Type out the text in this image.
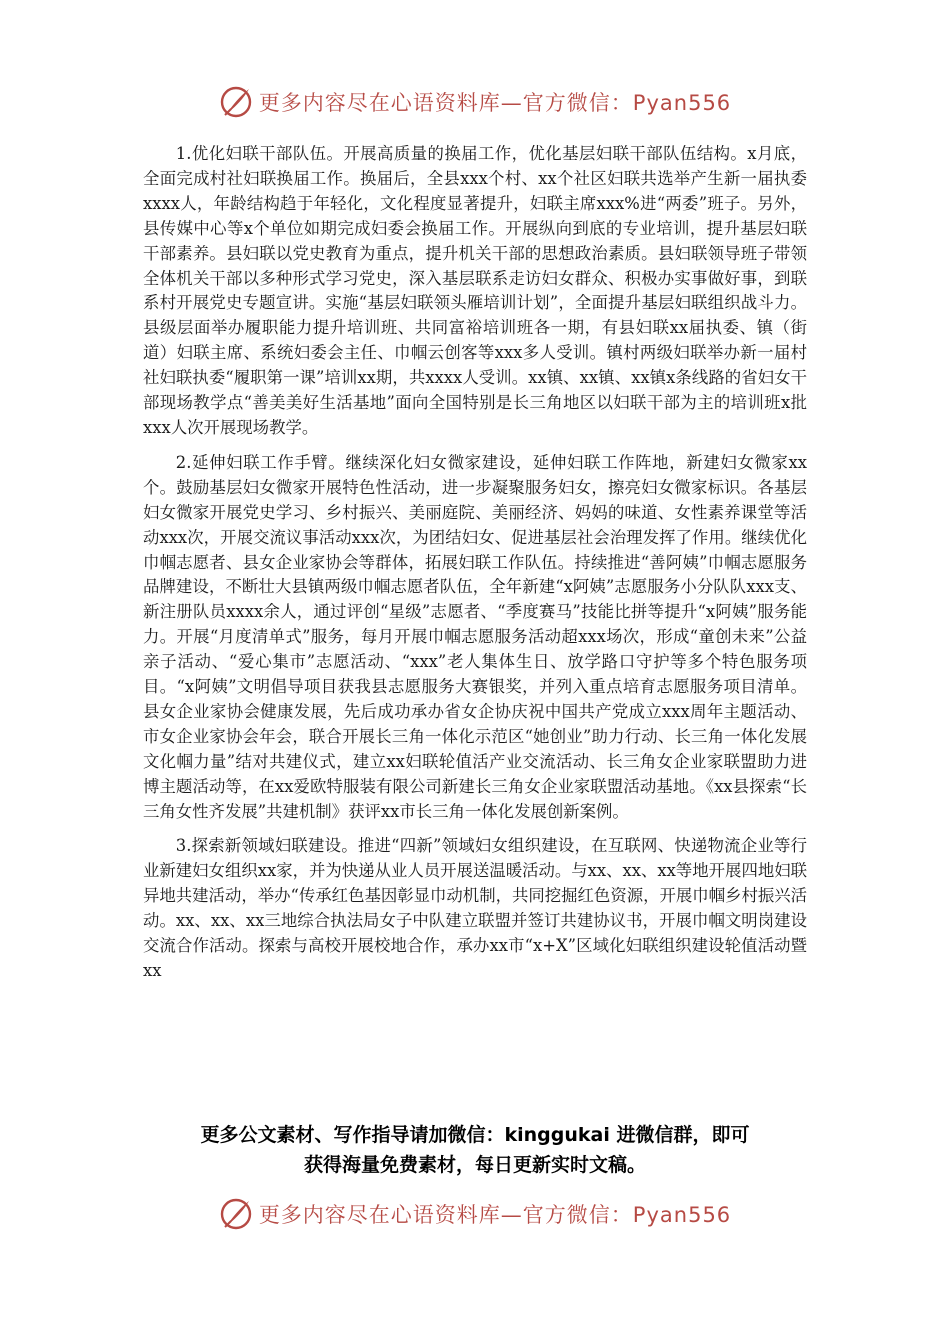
更多内容尽在心语资料库—官方微信：Pyan556

1.优化妇联干部队伍。开展高质量的换届工作，优化基层妇联干部队伍结构。x月底，全面完成村社妇联换届工作。换届后，全县xxx个村、xx个社区妇联共选举产生新一届执委xxxx人，年龄结构趋于年轻化，文化程度显著提升，妇联主席xxx%进“两委”班子。另外，县传媒中心等x个单位如期完成妇委会换届工作。开展纵向到底的专业培训，提升基层妇联干部素养。县妇联以党史教育为重点，提升机关干部的思想政治素质。县妇联领导班子带领全体机关干部以多种形式学习党史，深入基层联系走访妇女群众、积极办实事做好事，到联系村开展党史专题宣讲。实施“基层妇联领头雁培训计划”，全面提升基层妇联组织战斗力。县级层面举办履职能力提升培训班、共同富裕培训班各一期，有县妇联xx届执委、镇（街道）妇联主席、系统妇委会主任、巾帼云创客等xxx多人受训。镇村两级妇联举办新一届村社妇联执委“履职第一课”培训xx期，共xxxx人受训。xx镇、xx镇、xx镇x条线路的省妇女干部现场教学点“善美美好生活基地”面向全国特别是长三角地区以妇联干部为主的培训班x批xxx人次开展现场教学。

2.延伸妇联工作手臂。继续深化妇女微家建设，延伸妇联工作阵地，新建妇女微家xx个。鼓励基层妇女微家开展特色性活动，进一步凝聚服务妇女，擦亮妇女微家标识。各基层妇女微家开展党史学习、乡村振兴、美丽庭院、美丽经济、妈妈的味道、女性素养课堂等活动xxx次，开展交流议事活动xxx次，为团结妇女、促进基层社会治理发挥了作用。继续优化巾帼志愿者、县女企业家协会等群体，拓展妇联工作队伍。持续推进“善阿姨”巾帼志愿服务品牌建设，不断壮大县镇两级巾帼志愿者队伍，全年新建“x阿姨”志愿服务小分队队xxx支、新注册队员xxxx余人，通过评创“星级”志愿者、“季度赛马”技能比拼等提升“x阿姨”服务能力。开展“月度清单式”服务，每月开展巾帼志愿服务活动超xxx场次，形成“童创未来”公益亲子活动、“爱心集市”志愿活动、“xxx”老人集体生日、放学路口守护等多个特色服务项目。“x阿姨”文明倡导项目获我县志愿服务大赛银奖，并列入重点培育志愿服务项目清单。县女企业家协会健康发展，先后成功承办省女企协庆祝中国共产党成立xxx周年主题活动、市女企业家协会年会，联合开展长三角一体化示范区“她创业”助力行动、长三角一体化发展文化帼力量”结对共建仪式，建立xx妇联轮值活产业交流活动、长三角女企业家联盟助力进博主题活动等，在xx爱欧特服装有限公司新建长三角女企业家联盟活动基地。《xx县探索“长三角女性齐发展”共建机制》获评xx市长三角一体化发展创新案例。

3.探索新领域妇联建设。推进“四新”领域妇女组织建设，在互联网、快递物流企业等行业新建妇女组织xx家，并为快递从业人员开展送温暖活动。与xx、xx、xx等地开展四地妇联异地共建活动，举办“传承红色基因彰显巾动机制，共同挖掘红色资源，开展巾帼乡村振兴活动。xx、xx、xx三地综合执法局女子中队建立联盟并签订共建协议书，开展巾帼文明岗建设交流合作活动。探索与高校开展校地合作，承办xx市“x+X”区域化妇联组织建设轮值活动暨xx

更多公文素材、写作指导请加微信：kinggukai 进微信群，即可
获得海量免费素材，每日更新实时文稿。
更多内容尽在心语资料库—官方微信：Pyan556
